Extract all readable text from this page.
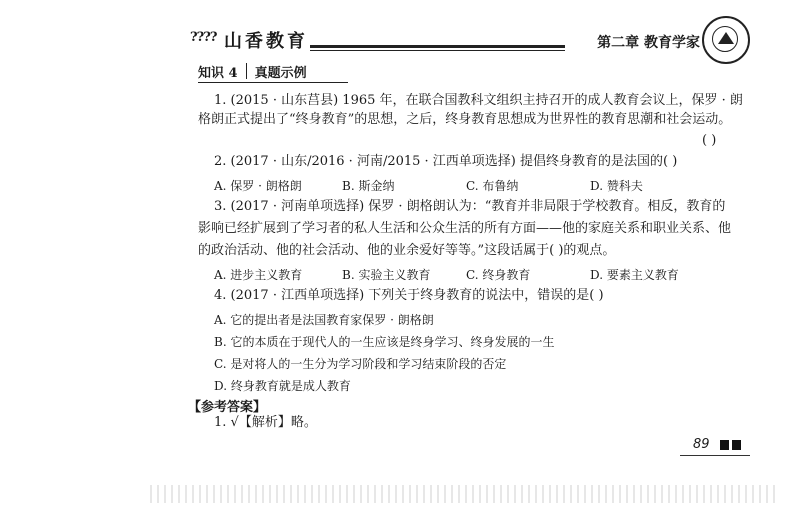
???? 山香教育	第二章 教育学家
知识 4 真题示例
1. (2015 · 山东莒县) 1965 年，在联合国教科文组织主持召开的成人教育会议上，保罗 · 朗
格朗正式提出了“终身教育”的思想，之后，终身教育思想成为世界性的教育思潮和社会运动。
( )
2. (2017 · 山东/2016 · 河南/2015 · 江西单项选择) 提倡终身教育的是法国的( )
A. 保罗 · 朗格朗	B. 斯金纳	C. 布鲁纳	D. 赞科夫
3. (2017 · 河南单项选择) 保罗 · 朗格朗认为：“教育并非局限于学校教育。相反，教育的
影响已经扩展到了学习者的私人生活和公众生活的所有方面——他的家庭关系和职业关系、他
的政治活动、他的社会活动、他的业余爱好等等。”这段话属于( )的观点。
A. 进步主义教育	B. 实验主义教育	C. 终身教育	D. 要素主义教育
4. (2017 · 江西单项选择) 下列关于终身教育的说法中，错误的是( )
A. 它的提出者是法国教育家保罗 · 朗格朗
B. 它的本质在于现代人的一生应该是终身学习、终身发展的一生
C. 是对将人的一生分为学习阶段和学习结束阶段的否定
D. 终身教育就是成人教育
【参考答案】
1. √【解析】略。
89
